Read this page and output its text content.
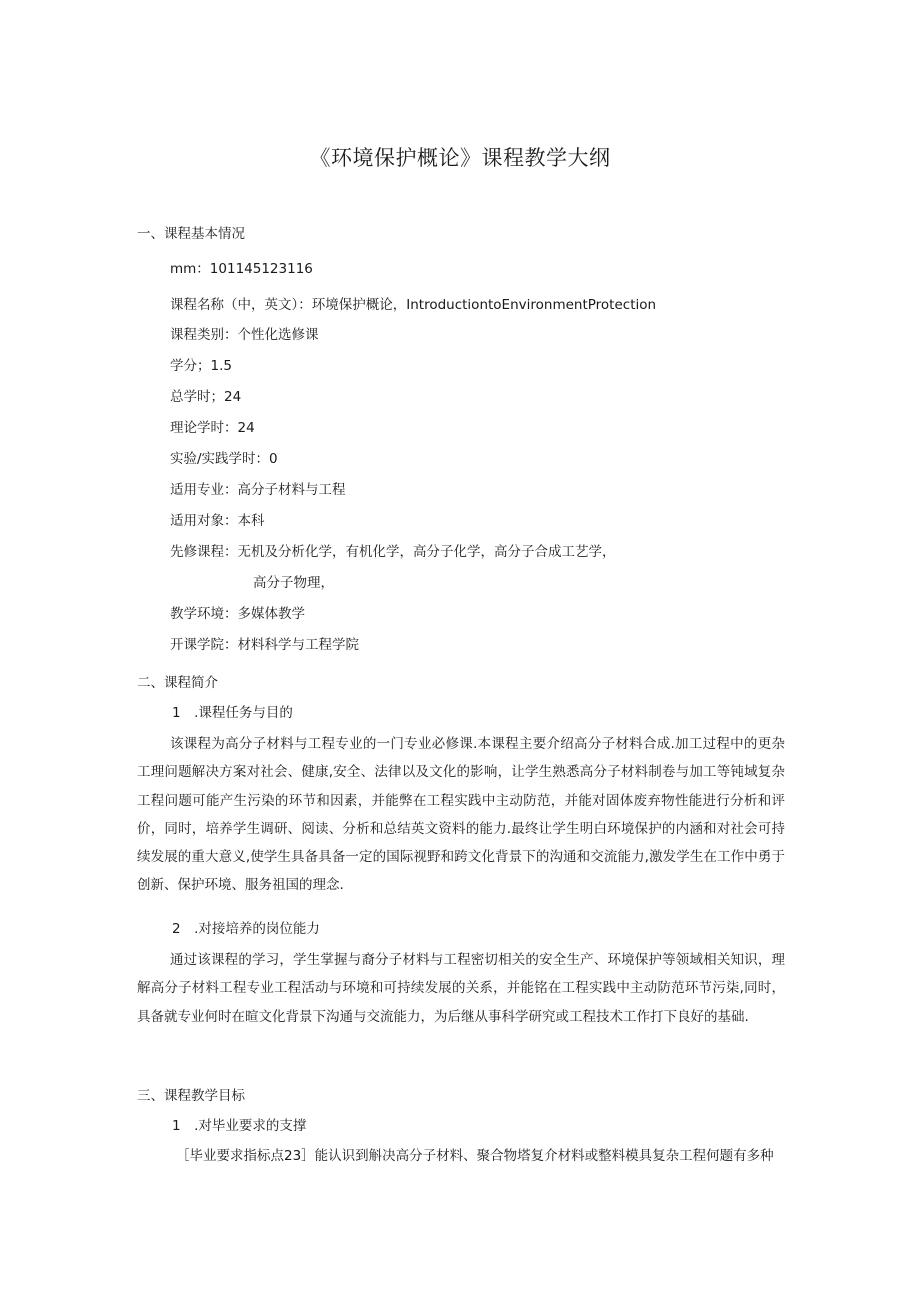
《环境保护概论》课程教学大纲

一、课程基本情况

mm：101145123116

课程名称（中，英文）：环境保护概论，IntroductiontoEnvironmentProtection

课程类别：个性化选修课

学分；1.5

总学时；24

理论学时：24

实验/实践学时：0

适用专业：高分子材料与工程

适用对象：本科

先修课程：无机及分析化学，有机化学，高分子化学，高分子合成工艺学，

高分子物理，

教学环境：多媒体教学

开课学院：材料科学与工程学院

二、课程简介

1　.课程任务与目的

该课程为高分子材料与工程专业的一门专业必修课.本课程主要介绍高分子材料合成.加工过程中的更杂工理问题解决方案对社会、健康,安全、法律以及文化的影响，让学生熟悉高分子材料制卷与加工等钝域复杂工程问题可能产生污染的环节和因素，并能弊在工程实践中主动防范，并能对固体废弃物性能进行分析和评价，同时，培养学生调研、阅读、分析和总结英文资料的能力.最终让学生明白环境保护的内涵和对社会可持续发展的重大意义,使学生具备具备一定的国际视野和跨文化背景下的沟通和交流能力,激发学生在工作中勇于创新、保护环境、服务祖国的理念.

2　.对接培养的岗位能力

通过该课程的学习，学生掌握与裔分子材料与工程密切相关的安全生产、环境保护等领域相关知识，理解高分子材料工程专业工程活动与环境和可持续发展的关系，并能铭在工程实践中主动防范环节污柒,同时，具备就专业何时在暄文化背景下沟通与交流能力，为后继从事科学研究或工程技术工作打下良好的基础.

三、课程教学目标

1　.对毕业要求的支撑

［毕业要求指标点23］能认识到斛决高分子材料、聚合物塔复介材料或整料模具复杂工程何题有多种
